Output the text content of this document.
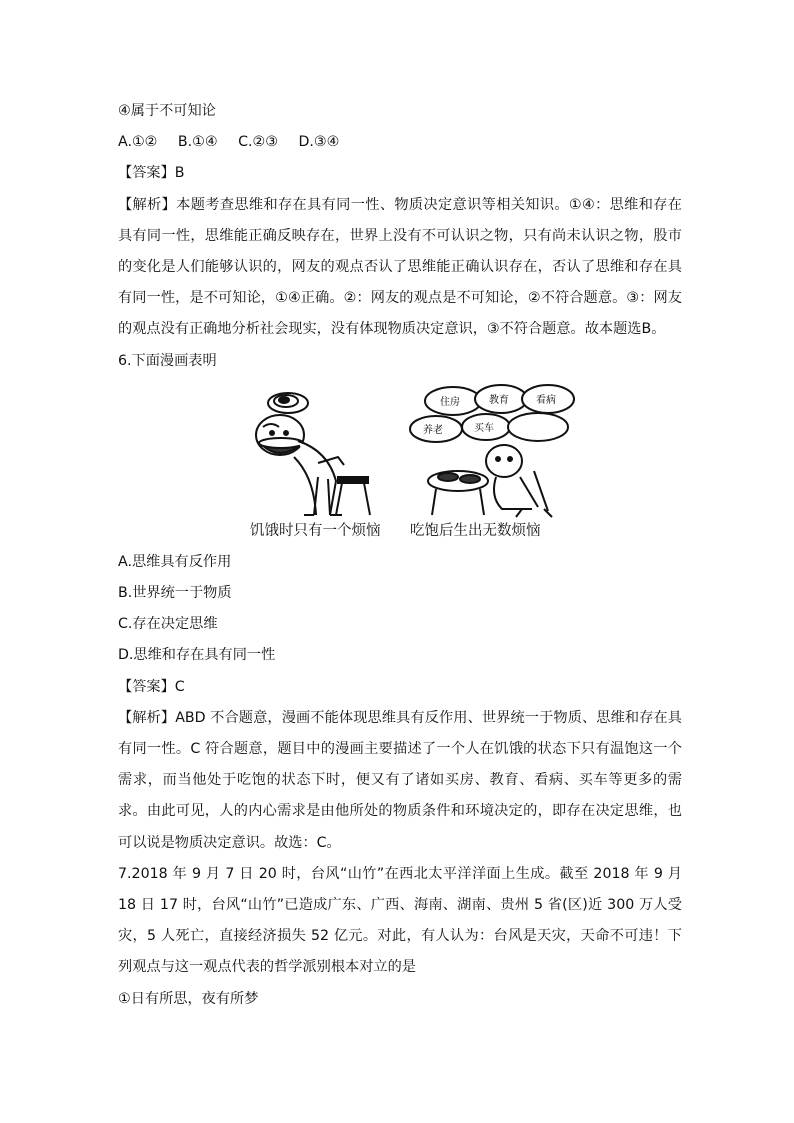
④属于不可知论
A.①② B.①④ C.②③ D.③④
【答案】B
【解析】本题考查思维和存在具有同一性、物质决定意识等相关知识。①④：思维和存在具有同一性，思维能正确反映存在，世界上没有不可认识之物，只有尚未认识之物，股市的变化是人们能够认识的，网友的观点否认了思维能正确认识存在，否认了思维和存在具有同一性，是不可知论，①④正确。②：网友的观点是不可知论，②不符合题意。③：网友的观点没有正确地分析社会现实，没有体现物质决定意识，③不符合题意。故本题选B。
6.下面漫画表明
住房	教育	看病
养老	买车
饥饿时只有一个烦恼 吃饱后生出无数烦恼
A.思维具有反作用
B.世界统一于物质
C.存在决定思维
D.思维和存在具有同一性
【答案】C
【解析】ABD 不合题意，漫画不能体现思维具有反作用、世界统一于物质、思维和存在具有同一性。C 符合题意，题目中的漫画主要描述了一个人在饥饿的状态下只有温饱这一个需求，而当他处于吃饱的状态下时，便又有了诸如买房、教育、看病、买车等更多的需求。由此可见，人的内心需求是由他所处的物质条件和环境决定的，即存在决定思维，也可以说是物质决定意识。故选：C。
7.2018 年 9 月 7 日 20 时，台风“山竹”在西北太平洋洋面上生成。截至 2018 年 9 月 18 日 17 时，台风“山竹”已造成广东、广西、海南、湖南、贵州 5 省(区)近 300 万人受灾，5 人死亡，直接经济损失 52 亿元。对此，有人认为：台风是天灾，天命不可违！下列观点与这一观点代表的哲学派别根本对立的是
①日有所思，夜有所梦
